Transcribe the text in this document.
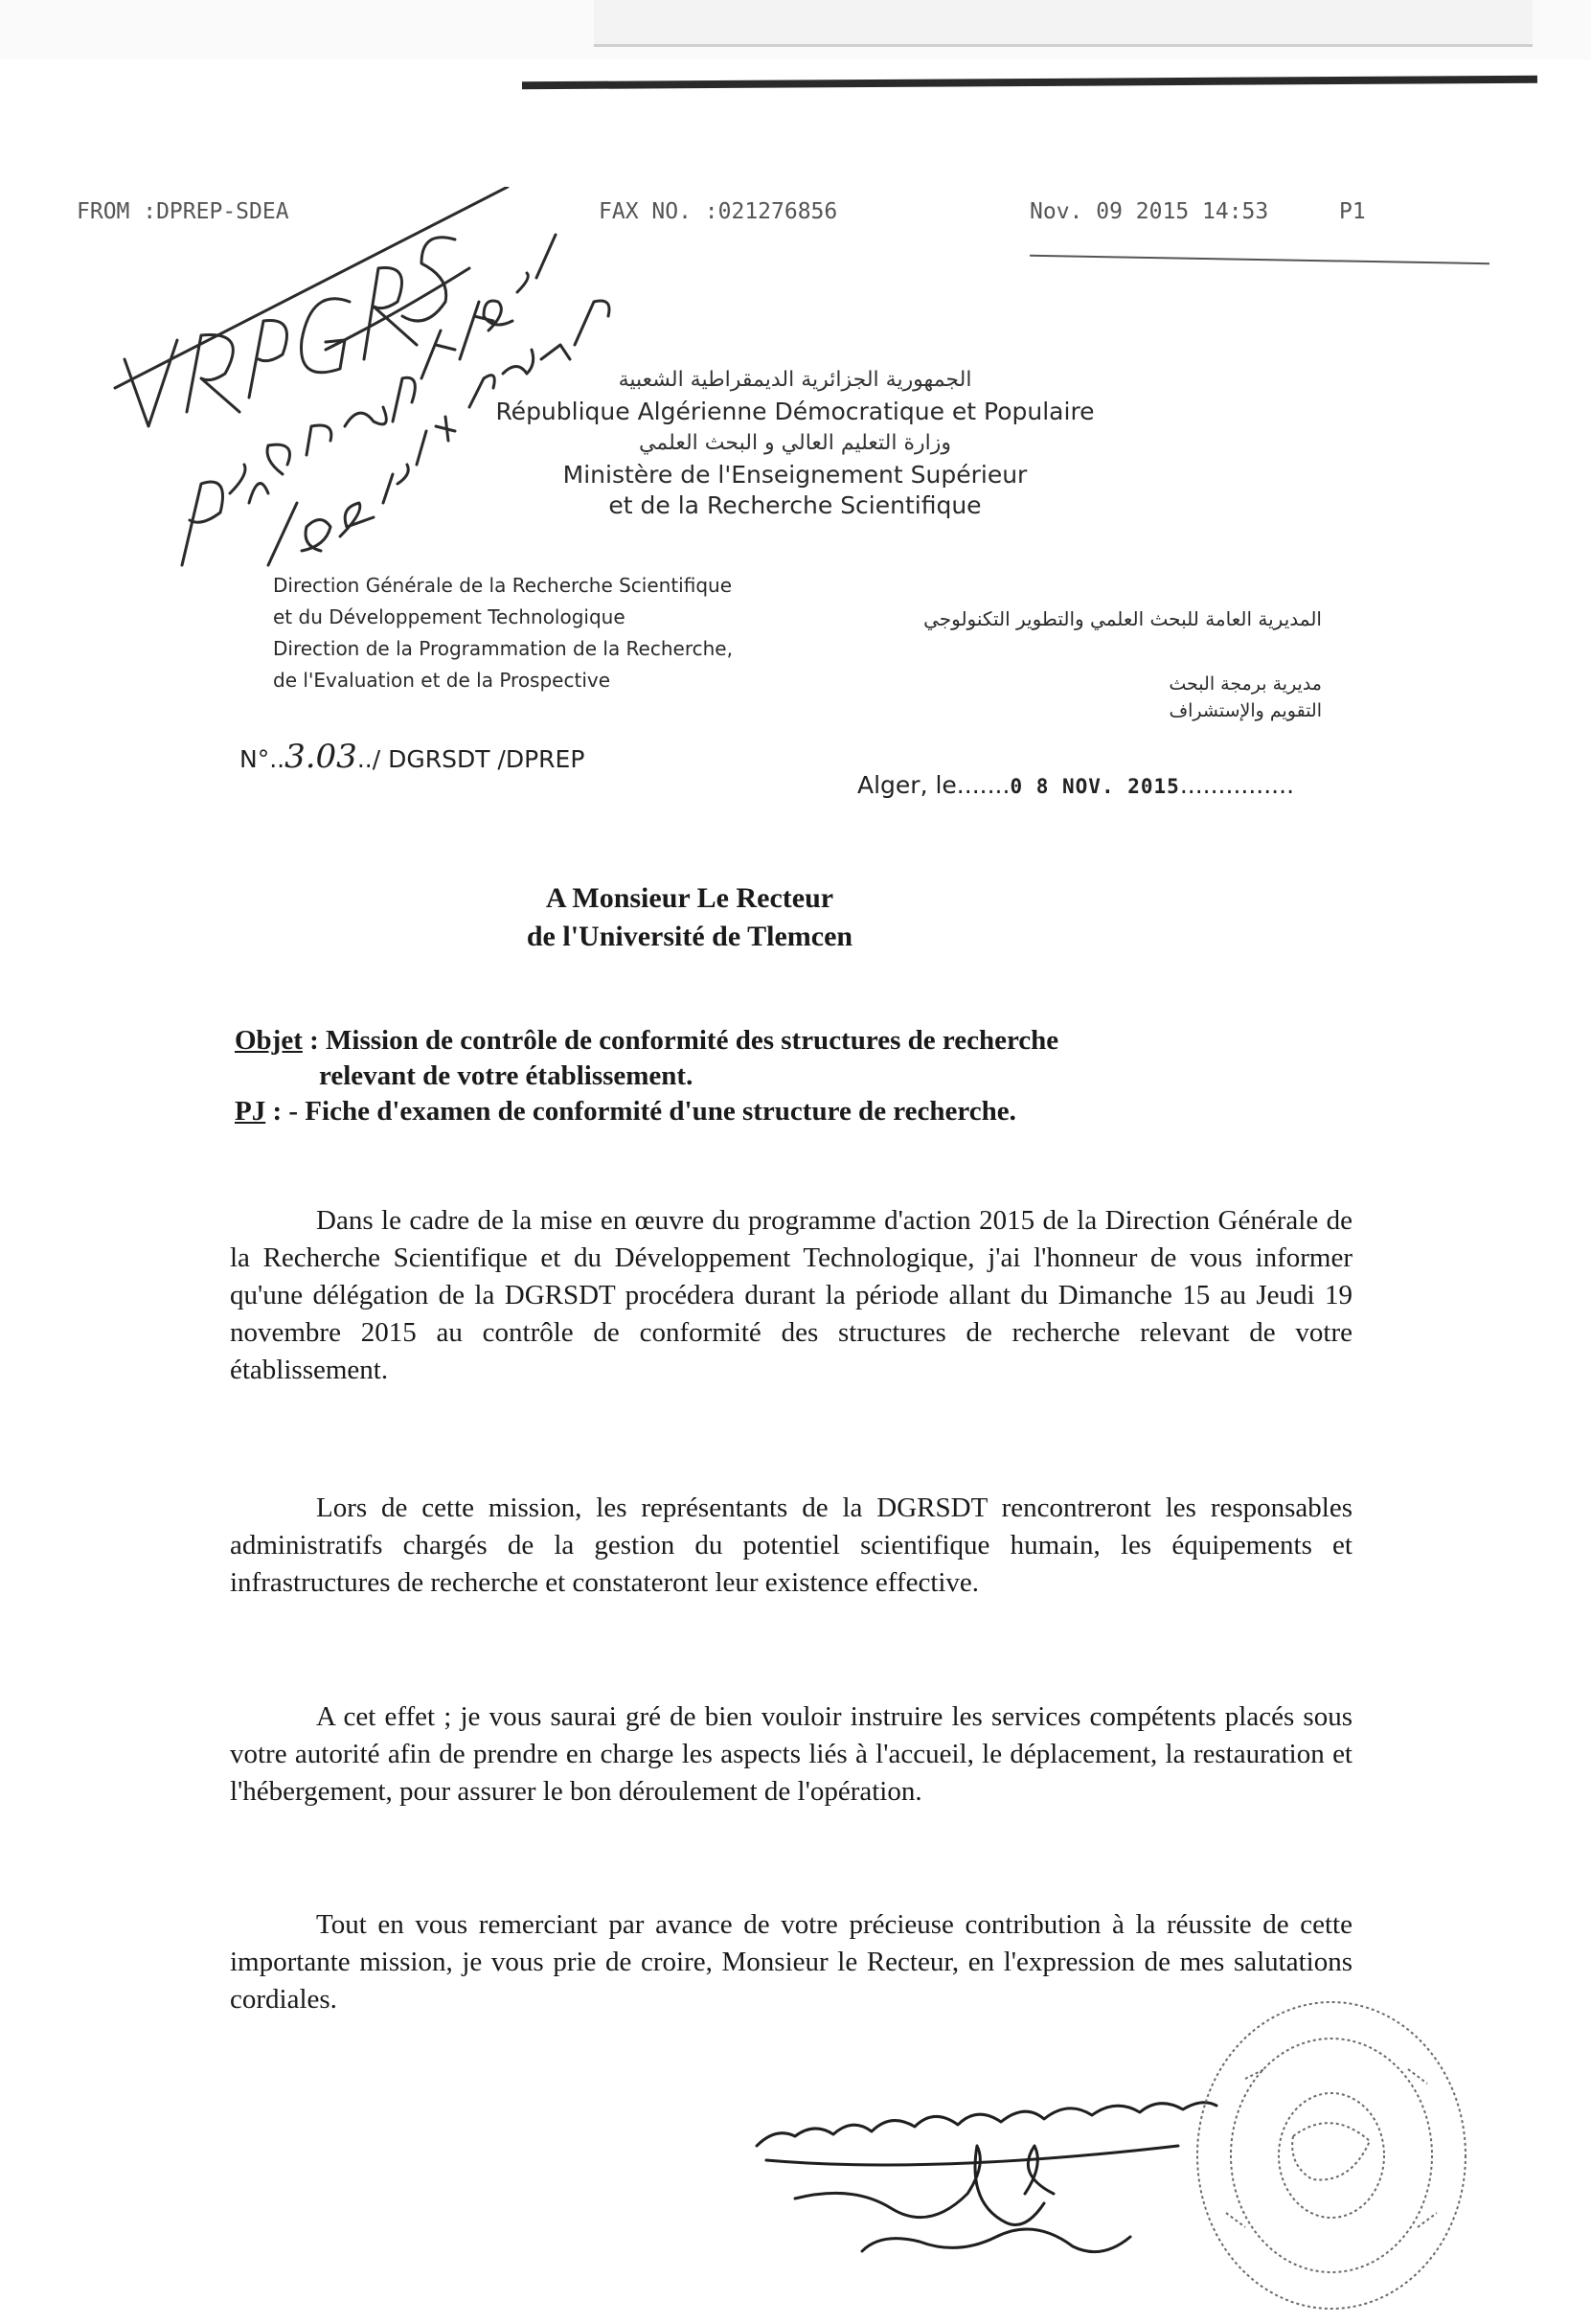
FROM :DPREP-SDEA	FAX NO. :021276856	Nov. 09 2015 14:53	P1
الجمهورية الجزائرية الديمقراطية الشعبية
République Algérienne Démocratique et Populaire
وزارة التعليم العالي و البحث العلمي
Ministère de l'Enseignement Supérieur
et de la Recherche Scientifique
Direction Générale de la Recherche Scientifique
et du Développement Technologique
Direction de la Programmation de la Recherche,
de l'Evaluation et de la Prospective
المديرية العامة للبحث العلمي والتطوير التكنولوجي
مديرية برمجة البحث
التقويم والإستشراف
N°..3.03../ DGRSDT /DPREP
Alger, le.......0 8 NOV. 2015...............
A Monsieur Le Recteur
de l'Université de Tlemcen
Objet : Mission de contrôle de conformité des structures de recherche
relevant de votre établissement.
PJ : - Fiche d'examen de conformité d'une structure de recherche.

Dans le cadre de la mise en œuvre du programme d'action 2015 de la Direction Générale de la Recherche Scientifique et du Développement Technologique, j'ai l'honneur de vous informer qu'une délégation de la DGRSDT procédera durant la période allant du Dimanche 15 au Jeudi 19 novembre 2015 au contrôle de conformité des structures de recherche relevant de votre établissement.

Lors de cette mission, les représentants de la DGRSDT rencontreront les responsables administratifs chargés de la gestion du potentiel scientifique humain, les équipements et infrastructures de recherche et constateront leur existence effective.

A cet effet ; je vous saurai gré de bien vouloir instruire les services compétents placés sous votre autorité afin de prendre en charge les aspects liés à l'accueil, le déplacement, la restauration et l'hébergement, pour assurer le bon déroulement de l'opération.

Tout en vous remerciant par avance de votre précieuse contribution à la réussite de cette importante mission, je vous prie de croire, Monsieur le Recteur, en l'expression de mes salutations cordiales.
